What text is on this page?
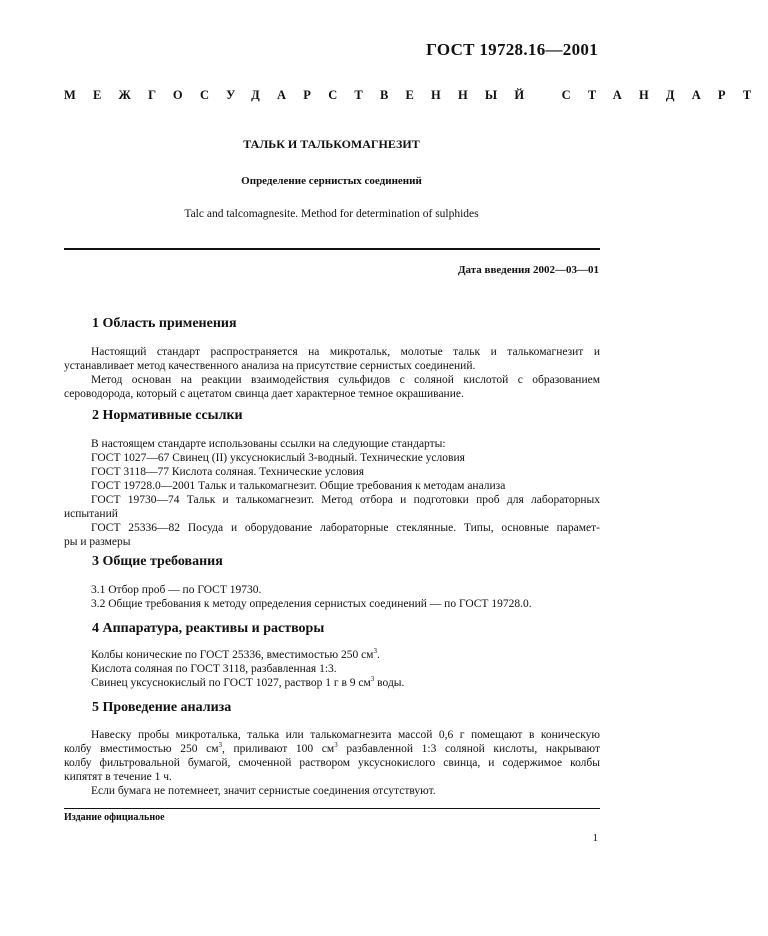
ГОСТ 19728.16—2001
МЕЖГОСУДАРСТВЕННЫЙ СТАНДАРТ
ТАЛЬК И ТАЛЬКОМАГНЕЗИТ
Определение сернистых соединений
Talc and talcomagnesite. Method for determination of sulphides
Дата введения 2002—03—01
1 Область применения
Настоящий стандарт распространяется на микротальк, молотые тальк и талькомагнезит и
устанавливает метод качественного анализа на присутствие сернистых соединений.
Метод основан на реакции взаимодействия сульфидов с соляной кислотой с образованием
сероводорода, который с ацетатом свинца дает характерное темное окрашивание.
2 Нормативные ссылки
В настоящем стандарте использованы ссылки на следующие стандарты:
ГОСТ 1027—67 Свинец (II) уксуснокислый 3-водный. Технические условия
ГОСТ 3118—77 Кислота соляная. Технические условия
ГОСТ 19728.0—2001 Тальк и талькомагнезит. Общие требования к методам анализа
ГОСТ 19730—74 Тальк и талькомагнезит. Метод отбора и подготовки проб для лабораторных
испытаний
ГОСТ 25336—82 Посуда и оборудование лабораторные стеклянные. Типы, основные парамет-
ры и размеры
3 Общие требования
3.1 Отбор проб — по ГОСТ 19730.
3.2 Общие требования к методу определения сернистых соединений — по ГОСТ 19728.0.
4 Аппаратура, реактивы и растворы
Колбы конические по ГОСТ 25336, вместимостью 250 $см^3$.
Кислота соляная по ГОСТ 3118, разбавленная 1:3.
Свинец уксуснокислый по ГОСТ 1027, раствор 1 г в 9 $см^3$ воды.
5 Проведение анализа
Навеску пробы микроталька, талька или талькомагнезита массой 0,6 г помещают в коническую
колбу вместимостью 250 $см^3$, приливают 100 $см^3$ разбавленной 1:3 соляной кислоты, накрывают
колбу фильтровальной бумагой, смоченной раствором уксуснокислого свинца, и содержимое колбы
кипятят в течение 1 ч.
Если бумага не потемнеет, значит сернистые соединения отсутствуют.
Издание официальное
1
